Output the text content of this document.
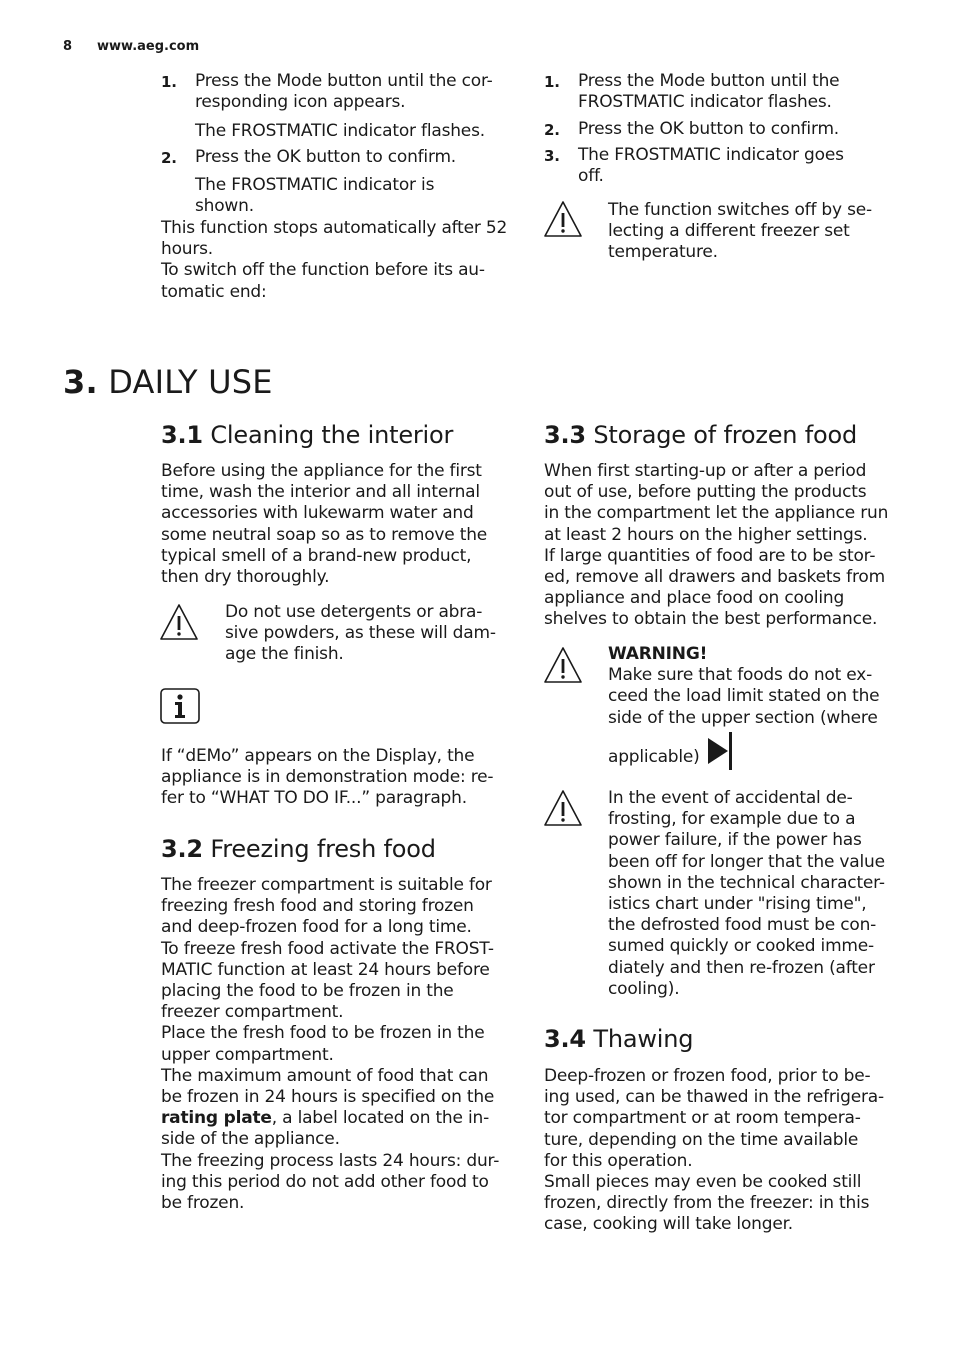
8 www.aeg.com
1. Press the Mode button until the cor-
responding icon appears.
The FROSTMATIC indicator flashes.
2. Press the OK button to confirm.
The FROSTMATIC indicator is
shown.
This function stops automatically after 52
hours.
To switch off the function before its au-
tomatic end:
1. Press the Mode button until the
FROSTMATIC indicator flashes.
2. Press the OK button to confirm.
3. The FROSTMATIC indicator goes
off.
The function switches off by se-
lecting a different freezer set
temperature.
3. DAILY USE
3.1 Cleaning the interior
Before using the appliance for the first
time, wash the interior and all internal
accessories with lukewarm water and
some neutral soap so as to remove the
typical smell of a brand-new product,
then dry thoroughly.
Do not use detergents or abra-
sive powders, as these will dam-
age the finish.
If “dEMo” appears on the Display, the
appliance is in demonstration mode: re-
fer to “WHAT TO DO IF...” paragraph.
3.2 Freezing fresh food
The freezer compartment is suitable for
freezing fresh food and storing frozen
and deep-frozen food for a long time.
To freeze fresh food activate the FROST-
MATIC function at least 24 hours before
placing the food to be frozen in the
freezer compartment.
Place the fresh food to be frozen in the
upper compartment.
The maximum amount of food that can
be frozen in 24 hours is specified on the
rating plate, a label located on the in-
side of the appliance.
The freezing process lasts 24 hours: dur-
ing this period do not add other food to
be frozen.
3.3 Storage of frozen food
When first starting-up or after a period
out of use, before putting the products
in the compartment let the appliance run
at least 2 hours on the higher settings.
If large quantities of food are to be stor-
ed, remove all drawers and baskets from
appliance and place food on cooling
shelves to obtain the best performance.
WARNING!
Make sure that foods do not ex-
ceed the load limit stated on the
side of the upper section (where
applicable)
In the event of accidental de-
frosting, for example due to a
power failure, if the power has
been off for longer that the value
shown in the technical character-
istics chart under "rising time",
the defrosted food must be con-
sumed quickly or cooked imme-
diately and then re-frozen (after
cooling).
3.4 Thawing
Deep-frozen or frozen food, prior to be-
ing used, can be thawed in the refrigera-
tor compartment or at room tempera-
ture, depending on the time available
for this operation.
Small pieces may even be cooked still
frozen, directly from the freezer: in this
case, cooking will take longer.
